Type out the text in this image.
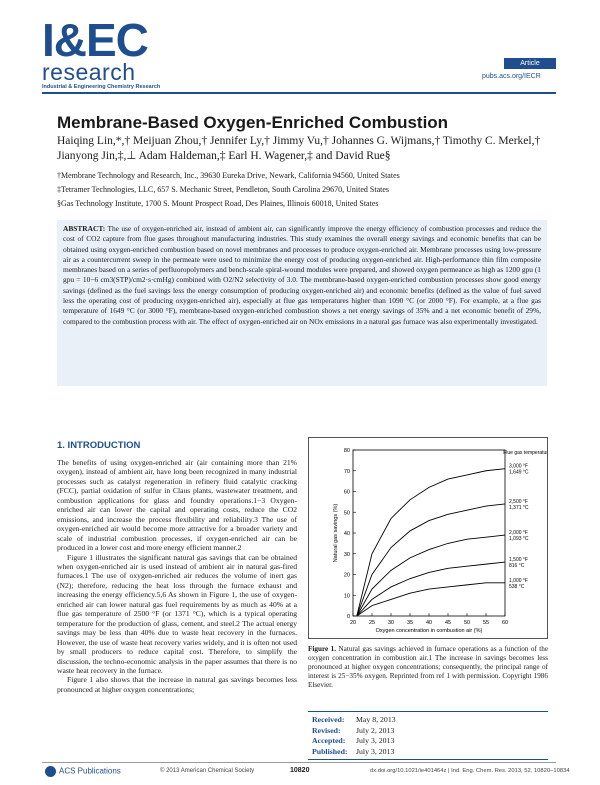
I&EC
research
Industrial & Engineering Chemistry Research
Article
pubs.acs.org/IECR
Membrane-Based Oxygen-Enriched Combustion
Haiqing Lin,*,† Meijuan Zhou,† Jennifer Ly,† Jimmy Vu,† Johannes G. Wijmans,† Timothy C. Merkel,† Jianyong Jin,‡,⊥ Adam Haldeman,‡ Earl H. Wagener,‡ and David Rue§
†Membrane Technology and Research, Inc., 39630 Eureka Drive, Newark, California 94560, United States
‡Tetramer Technologies, LLC, 657 S. Mechanic Street, Pendleton, South Carolina 29670, United States
§Gas Technology Institute, 1700 S. Mount Prospect Road, Des Plaines, Illinois 60018, United States
ABSTRACT: The use of oxygen-enriched air, instead of ambient air, can significantly improve the energy efficiency of combustion processes and reduce the cost of CO2 capture from flue gases throughout manufacturing industries. This study examines the overall energy savings and economic benefits that can be obtained using oxygen-enriched combustion based on novel membranes and processes to produce oxygen-enriched air. Membrane processes using low-pressure air as a countercurrent sweep in the permeate were used to minimize the energy cost of producing oxygen-enriched air. High-performance thin film composite membranes based on a series of perfluoropolymers and bench-scale spiral-wound modules were prepared, and showed oxygen permeance as high as 1200 gpu (1 gpu = 10−6 cm3(STP)/cm2·s·cmHg) combined with O2/N2 selectivity of 3.0. The membrane-based oxygen-enriched combustion processes show good energy savings (defined as the fuel savings less the energy consumption of producing oxygen-enriched air) and economic benefits (defined as the value of fuel saved less the operating cost of producing oxygen-enriched air), especially at flue gas temperatures higher than 1090 °C (or 2000 °F). For example, at a flue gas temperature of 1649 °C (or 3000 °F), membrane-based oxygen-enriched combustion shows a net energy savings of 35% and a net economic benefit of 29%, compared to the combustion process with air. The effect of oxygen-enriched air on NOx emissions in a natural gas furnace was also experimentally investigated.
1. INTRODUCTION

The benefits of using oxygen-enriched air (air containing more than 21% oxygen), instead of ambient air, have long been recognized in many industrial processes such as catalyst regeneration in refinery fluid catalytic cracking (FCC), partial oxidation of sulfur in Claus plants, wastewater treatment, and combustion applications for glass and foundry operations.1−3 Oxygen-enriched air can lower the capital and operating costs, reduce the CO2 emissions, and increase the process flexibility and reliability.3 The use of oxygen-enriched air would become more attractive for a broader variety and scale of industrial combustion processes, if oxygen-enriched air can be produced in a lower cost and more energy efficient manner.2

Figure 1 illustrates the significant natural gas savings that can be obtained when oxygen-enriched air is used instead of ambient air in natural gas-fired furnaces.1 The use of oxygen-enriched air reduces the volume of inert gas (N2); therefore, reducing the heat loss through the furnace exhaust and increasing the energy efficiency.5,6 As shown in Figure 1, the use of oxygen-enriched air can lower natural gas fuel requirements by as much as 40% at a flue gas temperature of 2500 °F (or 1371 °C), which is a typical operating temperature for the production of glass, cement, and steel.2 The actual energy savings may be less than 40% due to waste heat recovery in the furnaces. However, the use of waste heat recovery varies widely, and it is often not used by small producers to reduce capital cost. Therefore, to simplify the discussion, the techno-economic analysis in the paper assumes that there is no waste heat recovery in the furnace.

Figure 1 also shows that the increase in natural gas savings becomes less pronounced at higher oxygen concentrations;

0
10
20
30
40
50
60
70
80
20 25 30 35 40 45 50 55 60
Oxygen concentration in combustion air (%)
Natural gas savings (%)
Flue gas temperature
3,000 °F
1,649 °C
2,500 °F
1,371 °C
2,000 °F
1,093 °C
1,500 °F
816 °C
1,000 °F
538 °C
Figure 1. Natural gas savings achieved in furnace operations as a function of the oxygen concentration in combustion air.1 The increase in savings becomes less pronounced at higher oxygen concentrations; consequently, the principal range of interest is 25−35% oxygen. Reprinted from ref 1 with permission. Copyright 1986 Elsevier.
Received: May 8, 2013
Revised: July 2, 2013
Accepted: July 3, 2013
Published: July 3, 2013
ACS Publications	© 2013 American Chemical Society	10820	dx.doi.org/10.1021/ie401464z | Ind. Eng. Chem. Res. 2013, 52, 10820−10834
